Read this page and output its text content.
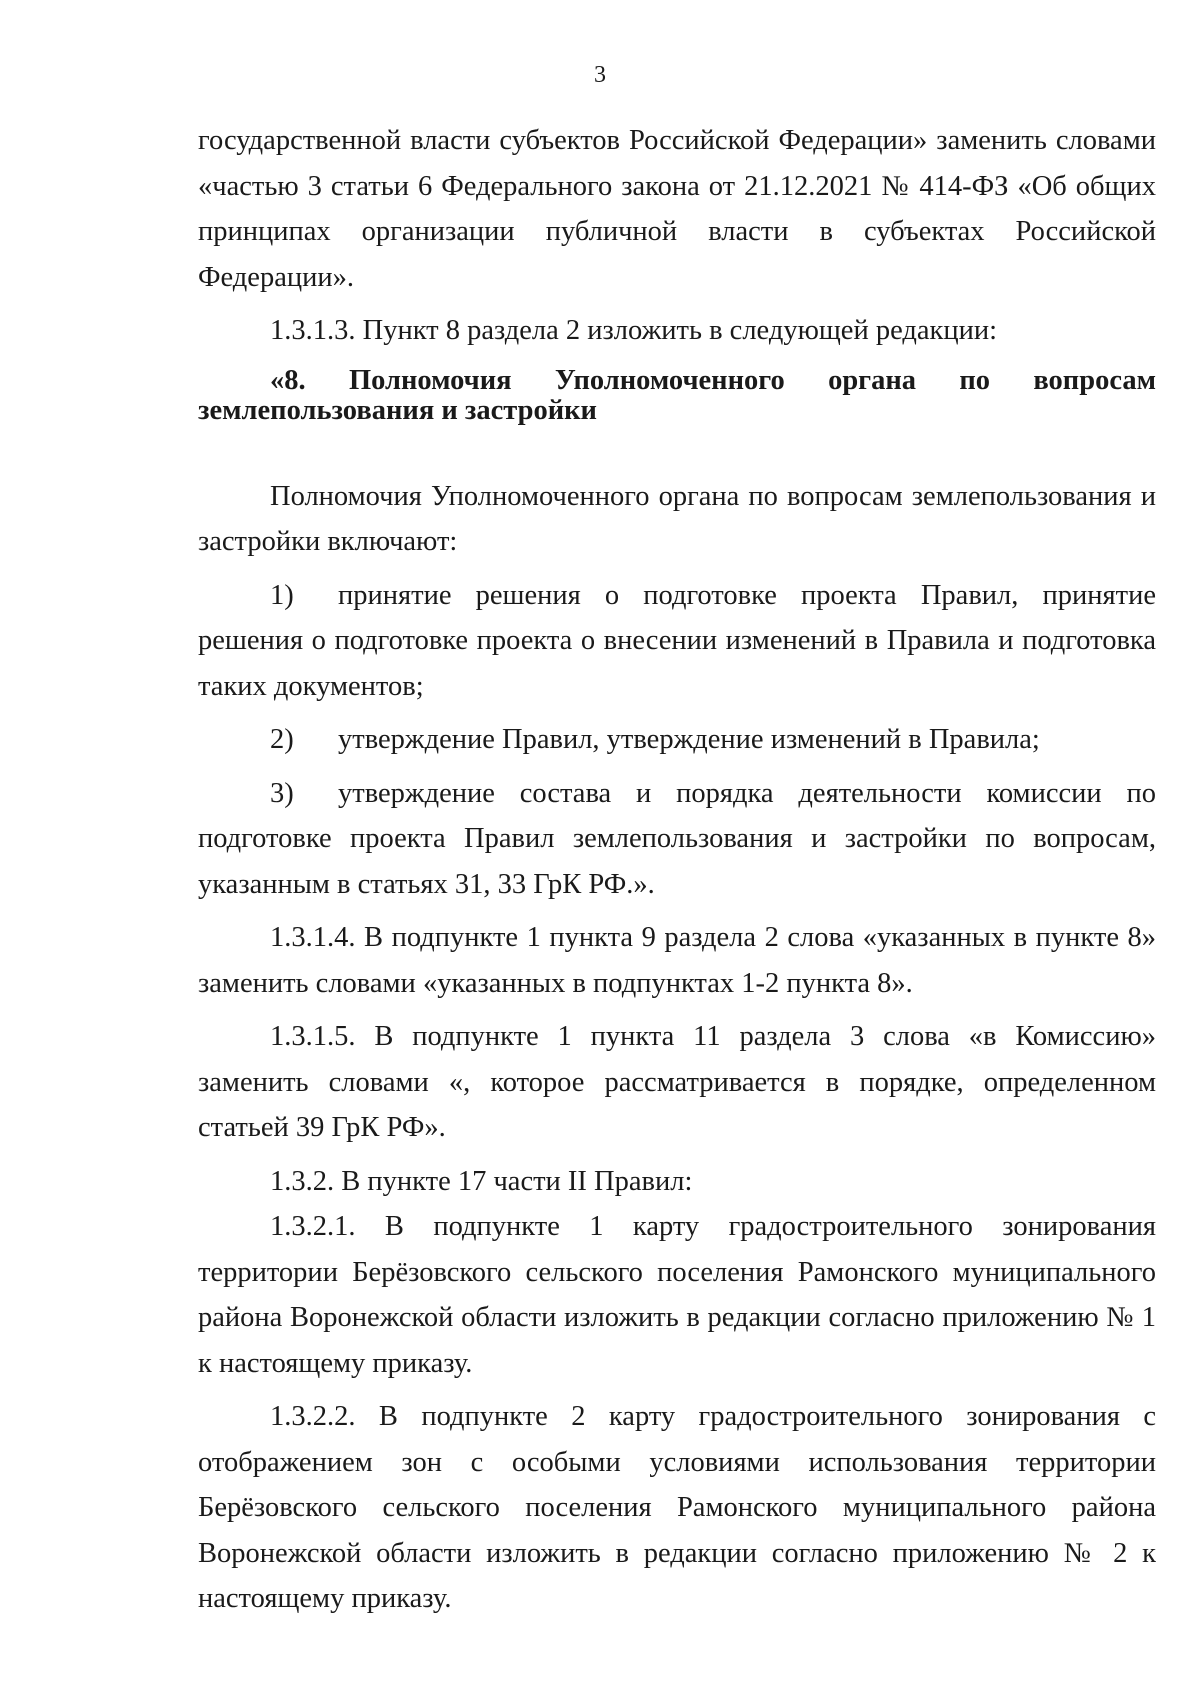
3

государственной власти субъектов Российской Федерации» заменить словами «частью 3 статьи 6 Федерального закона от 21.12.2021 № 414-ФЗ «Об общих принципах организации публичной власти в субъектах Российской Федерации».

1.3.1.3. Пункт 8 раздела 2 изложить в следующей редакции:

«8. Полномочия Уполномоченного органа по вопросам землепользования и застройки

Полномочия Уполномоченного органа по вопросам землепользования и застройки включают:

1) принятие решения о подготовке проекта Правил, принятие решения о подготовке проекта о внесении изменений в Правила и подготовка таких документов;

2) утверждение Правил, утверждение изменений в Правила;

3) утверждение состава и порядка деятельности комиссии по подготовке проекта Правил землепользования и застройки по вопросам, указанным в статьях 31, 33 ГрК РФ.».

1.3.1.4. В подпункте 1 пункта 9 раздела 2 слова «указанных в пункте 8» заменить словами «указанных в подпунктах 1-2 пункта 8».

1.3.1.5. В подпункте 1 пункта 11 раздела 3 слова «в Комиссию» заменить словами «, которое рассматривается в порядке, определенном статьей 39 ГрК РФ».

1.3.2. В пункте 17 части II Правил:

1.3.2.1. В подпункте 1 карту градостроительного зонирования территории Берёзовского сельского поселения Рамонского муниципального района Воронежской области изложить в редакции согласно приложению № 1 к настоящему приказу.

1.3.2.2. В подпункте 2 карту градостроительного зонирования с отображением зон с особыми условиями использования территории Берёзовского сельского поселения Рамонского муниципального района Воронежской области изложить в редакции согласно приложению № 2 к настоящему приказу.
